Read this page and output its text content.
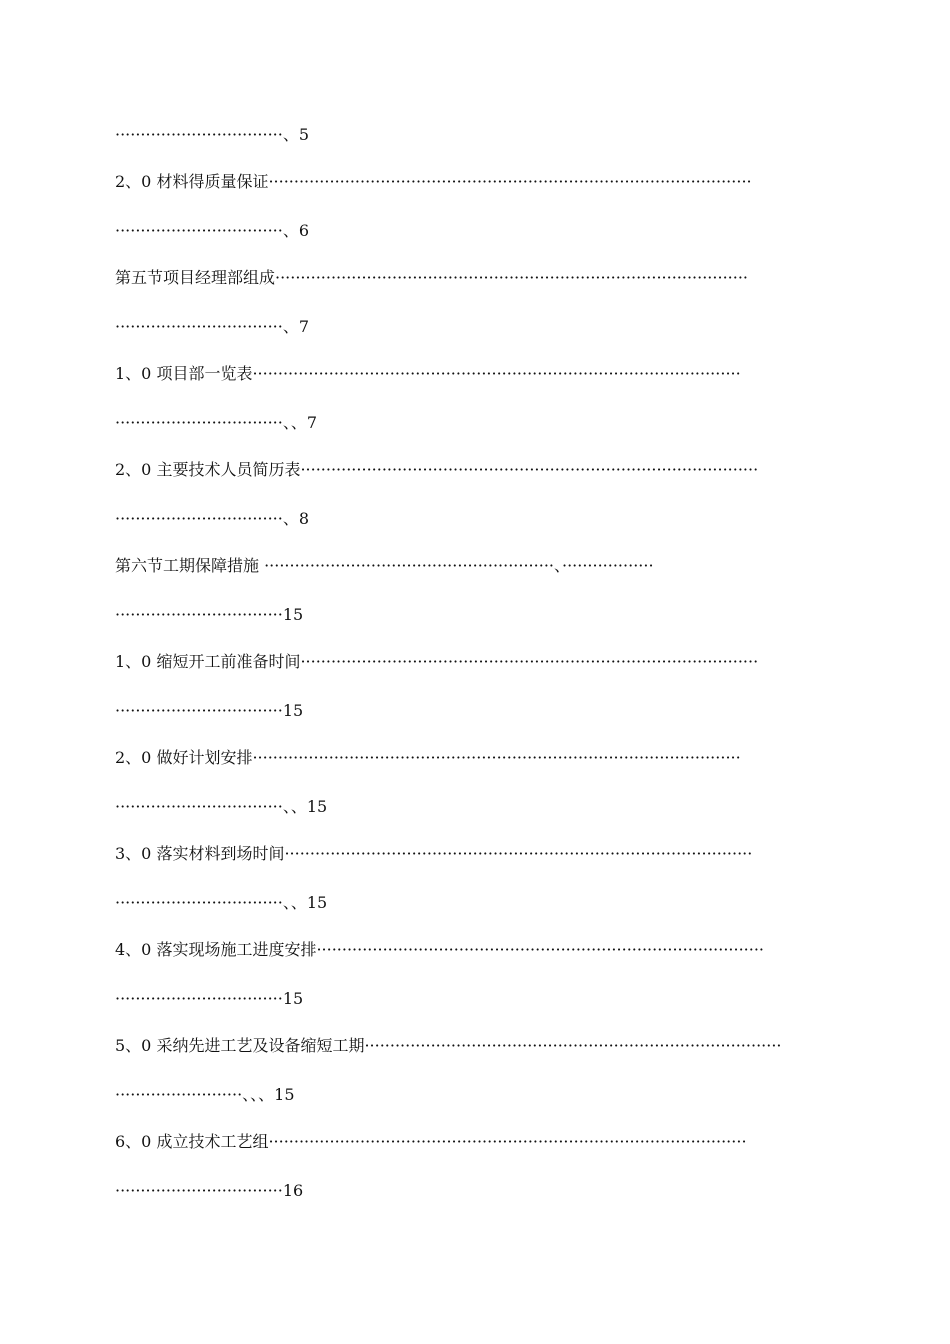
·································、5
2、0 材料得质量保证·······························································································
·································、6
第五节项目经理部组成·····························································································
·································、7
1、0 项目部一览表································································································
·································、、7
2、0 主要技术人员简历表··························································································
·································、8
第六节工期保障措施 ·························································、··················
·································15
1、0 缩短开工前准备时间··························································································
·································15
2、0 做好计划安排································································································
·································、、15
3、0 落实材料到场时间····························································································
·································、、15
4、0 落实现场施工进度安排························································································
·································15
5、0 采纳先进工艺及设备缩短工期··················································································
·························、、、15
6、0 成立技术工艺组······························································································
·································16
